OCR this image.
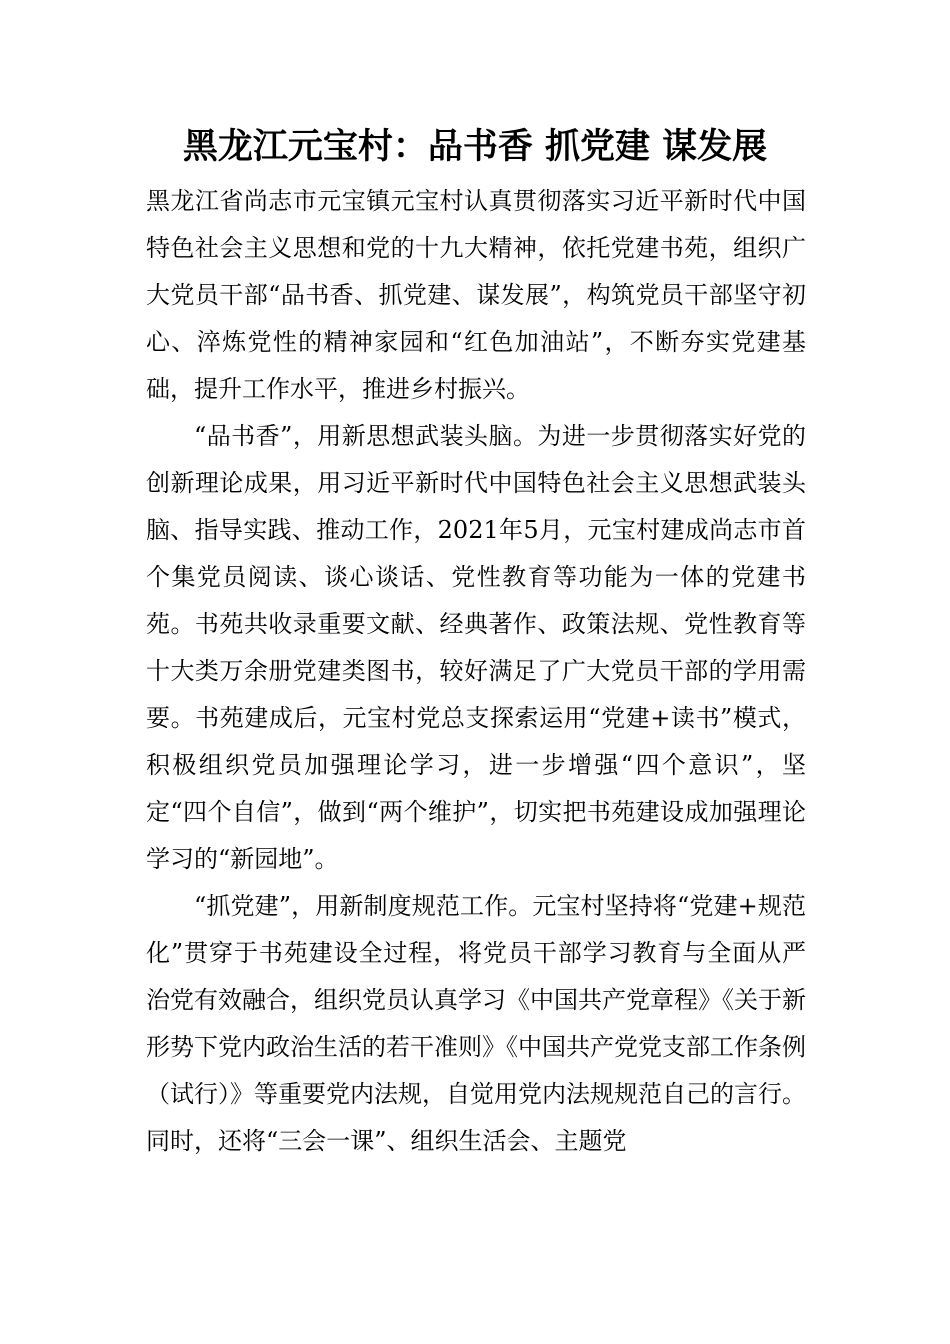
黑龙江元宝村：品书香 抓党建 谋发展

黑龙江省尚志市元宝镇元宝村认真贯彻落实习近平新时代中国特色社会主义思想和党的十九大精神，依托党建书苑，组织广大党员干部“品书香、抓党建、谋发展”，构筑党员干部坚守初心、淬炼党性的精神家园和“红色加油站”，不断夯实党建基础，提升工作水平，推进乡村振兴。

“品书香”，用新思想武装头脑。为进一步贯彻落实好党的创新理论成果，用习近平新时代中国特色社会主义思想武装头脑、指导实践、推动工作，2021年5月，元宝村建成尚志市首个集党员阅读、谈心谈话、党性教育等功能为一体的党建书苑。书苑共收录重要文献、经典著作、政策法规、党性教育等十大类万余册党建类图书，较好满足了广大党员干部的学用需要。书苑建成后，元宝村党总支探索运用“党建+读书”模式，积极组织党员加强理论学习，进一步增强“四个意识”，坚定“四个自信”，做到“两个维护”，切实把书苑建设成加强理论学习的“新园地”。

“抓党建”，用新制度规范工作。元宝村坚持将“党建+规范化”贯穿于书苑建设全过程，将党员干部学习教育与全面从严治党有效融合，组织党员认真学习《中国共产党章程》《关于新形势下党内政治生活的若干准则》《中国共产党党支部工作条例（试行）》等重要党内法规，自觉用党内法规规范自己的言行。同时，还将“三会一课”、组织生活会、主题党
